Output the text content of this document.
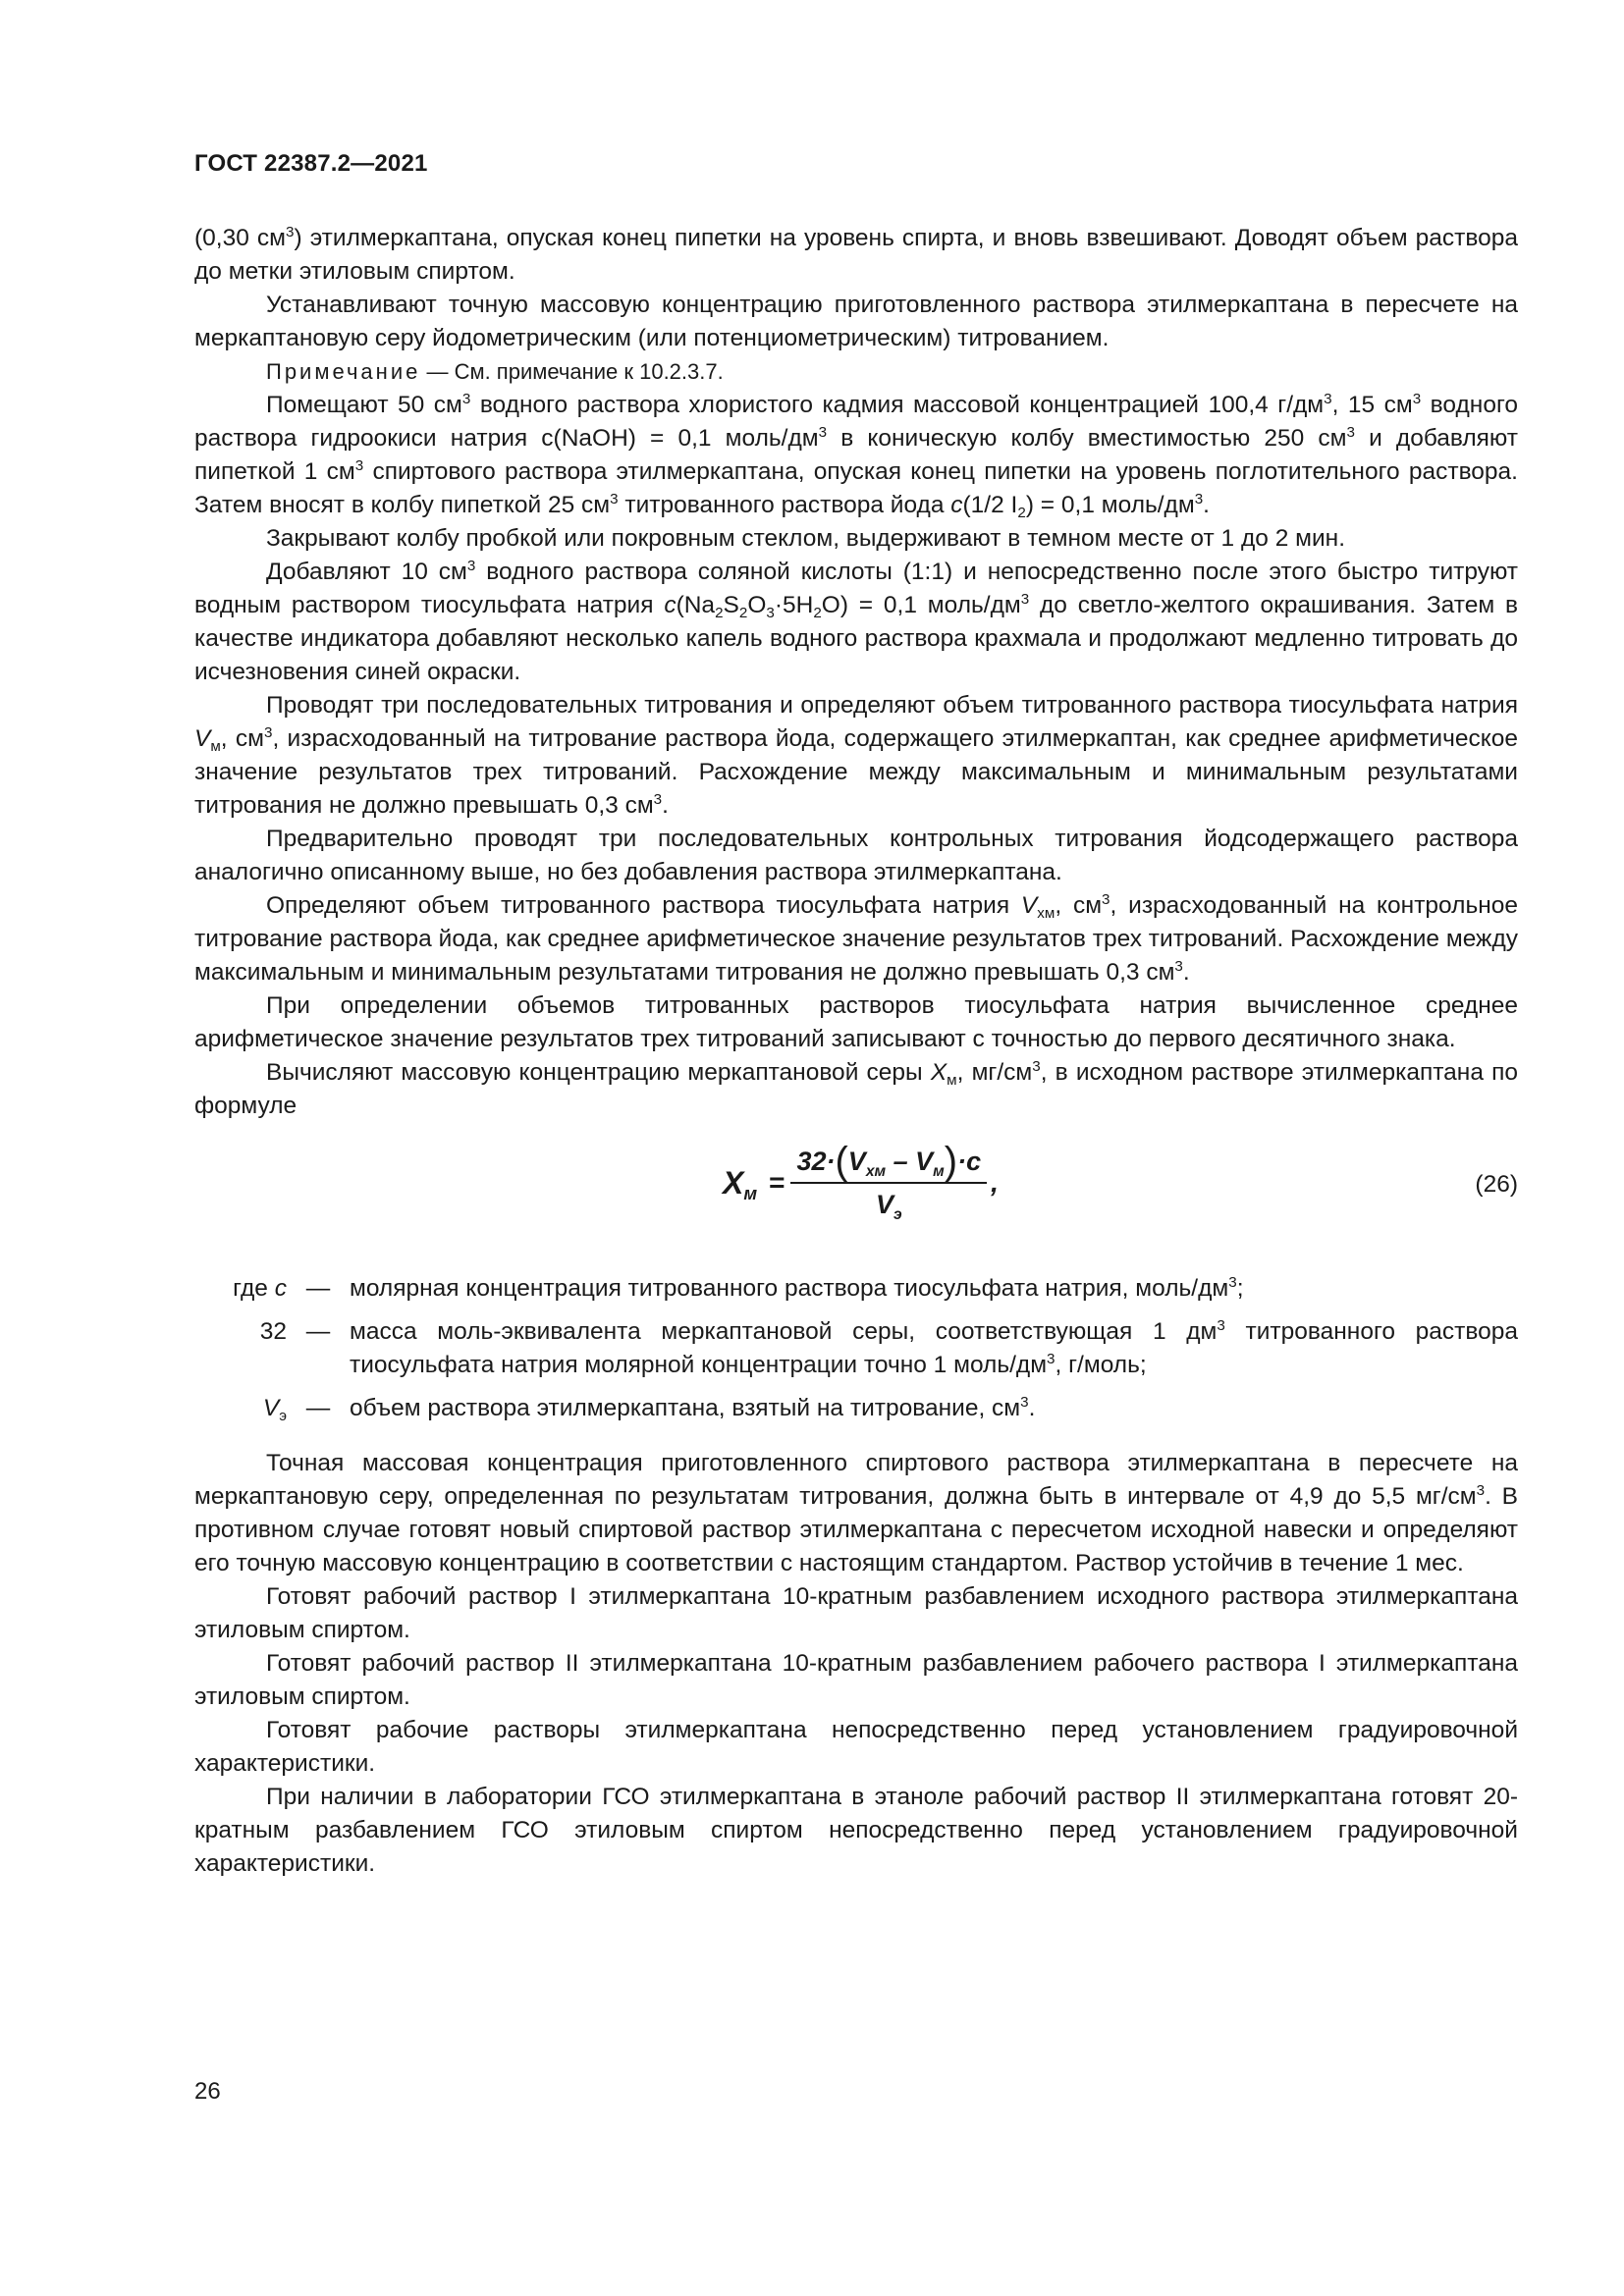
ГОСТ 22387.2—2021

(0,30 $см^3$) этилмеркаптана, опуская конец пипетки на уровень спирта, и вновь взвешивают. Доводят объем раствора до метки этиловым спиртом.

Устанавливают точную массовую концентрацию приготовленного раствора этилмеркаптана в пересчете на меркаптановую серу йодометрическим (или потенциометрическим) титрованием.

Примечание — См. примечание к 10.2.3.7.

Помещают 50 $см^3$ водного раствора хлористого кадмия массовой концентрацией 100,4 $г/дм^3$, 15 $см^3$ водного раствора гидроокиси натрия c(NaOH) = 0,1 моль/$дм^3$ в коническую колбу вместимостью 250 $см^3$ и добавляют пипеткой 1 $см^3$ спиртового раствора этилмеркаптана, опуская конец пипетки на уровень поглотительного раствора. Затем вносят в колбу пипеткой 25 $см^3$ титрованного раствора йода c(1/2 $I_2) = 0,1$ моль/$дм^3$.

Закрывают колбу пробкой или покровным стеклом, выдерживают в темном месте от 1 до 2 мин.

Добавляют 10 $см^3$ водного раствора соляной кислоты (1:1) и непосредственно после этого быстро титруют водным раствором тиосульфата натрия $c(Na_2S_2O_3\cdot 5H_2O) = 0,1$ моль/$дм^3$ до светло-желтого окрашивания. Затем в качестве индикатора добавляют несколько капель водного раствора крахмала и продолжают медленно титровать до исчезновения синей окраски.

Проводят три последовательных титрования и определяют объем титрованного раствора тиосульфата натрия $V_м$, $см^3$, израсходованный на титрование раствора йода, содержащего этилмеркаптан, как среднее арифметическое значение результатов трех титрований. Расхождение между максимальным и минимальным результатами титрования не должно превышать 0,3 $см^3$.

Предварительно проводят три последовательных контрольных титрования йодсодержащего раствора аналогично описанному выше, но без добавления раствора этилмеркаптана.

Определяют объем титрованного раствора тиосульфата натрия $V_{хм}$, $см^3$, израсходованный на контрольное титрование раствора йода, как среднее арифметическое значение результатов трех титрований. Расхождение между максимальным и минимальным результатами титрования не должно превышать 0,3 $см^3$.

При определении объемов титрованных растворов тиосульфата натрия вычисленное среднее арифметическое значение результатов трех титрований записывают с точностью до первого десятичного знака.

Вычисляют массовую концентрацию меркаптановой серы $X_м$, $мг/см^3$, в исходном растворе этилмеркаптана по формуле

$X_м = \frac{32\cdot(V_{хм} - V_м)\cdot c}{V_э}$ ,	(26)
где c — молярная концентрация титрованного раствора тиосульфата натрия, моль/$дм^3$;
32 — масса моль-эквивалента меркаптановой серы, соответствующая 1 $дм^3$ титрованного раствора тиосульфата натрия молярной концентрации точно 1 моль/$дм^3$, г/моль;
$V_э$ — объем раствора этилмеркаптана, взятый на титрование, $см^3$.

Точная массовая концентрация приготовленного спиртового раствора этилмеркаптана в пересчете на меркаптановую серу, определенная по результатам титрования, должна быть в интервале от 4,9 до 5,5 $мг/см^3$. В противном случае готовят новый спиртовой раствор этилмеркаптана с пересчетом исходной навески и определяют его точную массовую концентрацию в соответствии с настоящим стандартом. Раствор устойчив в течение 1 мес.

Готовят рабочий раствор I этилмеркаптана 10-кратным разбавлением исходного раствора этилмеркаптана этиловым спиртом.

Готовят рабочий раствор II этилмеркаптана 10-кратным разбавлением рабочего раствора I этилмеркаптана этиловым спиртом.

Готовят рабочие растворы этилмеркаптана непосредственно перед установлением градуировочной характеристики.

При наличии в лаборатории ГСО этилмеркаптана в этаноле рабочий раствор II этилмеркаптана готовят 20-кратным разбавлением ГСО этиловым спиртом непосредственно перед установлением градуировочной характеристики.

26
